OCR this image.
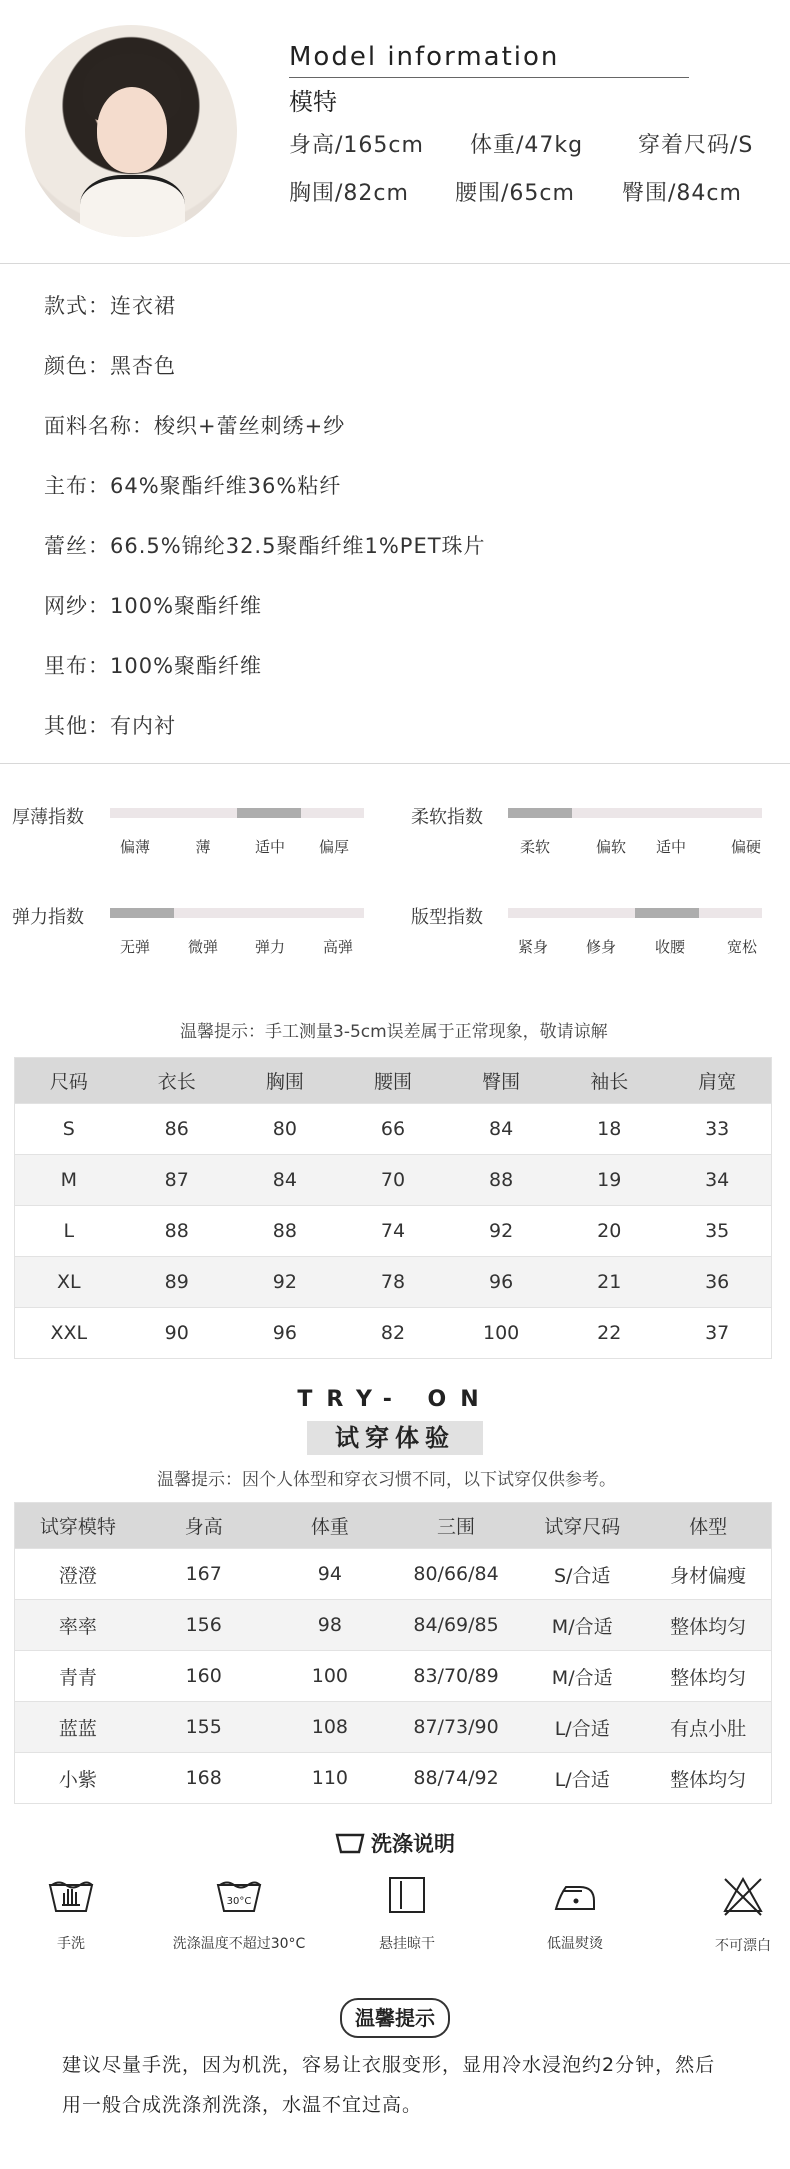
Model information
模特
身高/165cm 体重/47kg 穿着尺码/S
胸围/82cm 腰围/65cm 臀围/84cm
款式：连衣裙
颜色：黑杏色
面料名称：梭织+蕾丝刺绣+纱
主布：64%聚酯纤维36%粘纤
蕾丝：66.5%锦纶32.5聚酯纤维1%PET珠片
网纱：100%聚酯纤维
里布：100%聚酯纤维
其他：有内衬
厚薄指数
偏薄	薄	适中 偏厚
柔软指数
柔软	偏软 适中	偏硬
弹力指数
无弹	微弹 弹力	高弹
版型指数
紧身	修身	收腰	宽松
温馨提示：手工测量3-5cm误差属于正常现象，敬请谅解
尺码	衣长	胸围	腰围	臀围	袖长	肩宽
S	86	80	66	84	18	33
M	87	84	70	88	19	34
L	88	88	74	92	20	35
XL	89	92	78	96	21	36
XXL	90	96	82	100	22	37
TRY- ON
试穿体验
温馨提示：因个人体型和穿衣习惯不同，以下试穿仅供参考。
试穿模特	身高	体重	三围	试穿尺码	体型
澄澄	167	94	80/66/84	S/合适	身材偏瘦
率率	156	98	84/69/85	M/合适	整体均匀
青青	160	100	83/70/89	M/合适	整体均匀
蓝蓝	155	108	87/73/90	L/合适	有点小肚
小紫	168	110	88/74/92	L/合适	整体均匀
洗涤说明
手洗
30°C
洗涤温度不超过30°C	悬挂晾干	低温熨烫	不可漂白
温馨提示
建议尽量手洗，因为机洗，容易让衣服变形，显用冷水浸泡约2分钟，然后
用一般合成洗涤剂洗涤，水温不宜过高。
